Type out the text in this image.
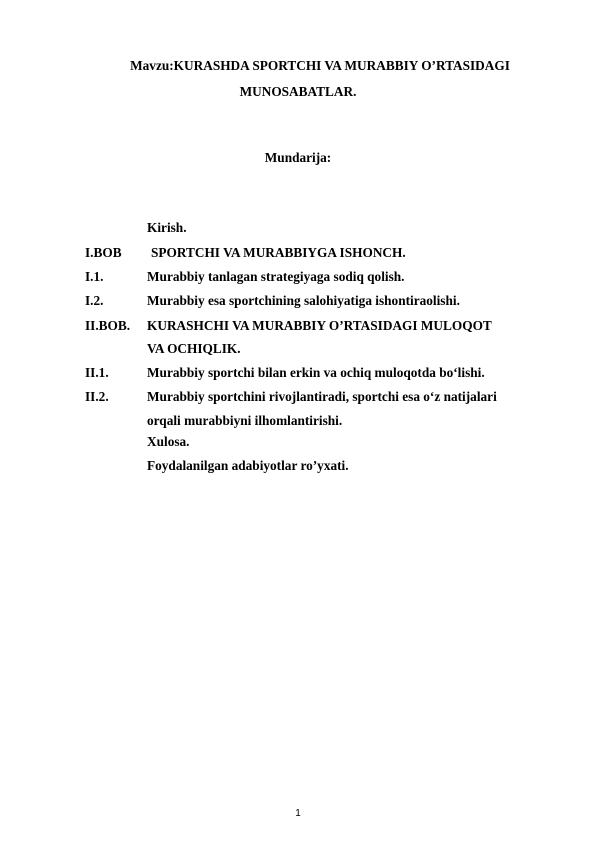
Mavzu:KURASHDA SPORTCHI VA MURABBIY O’RTASIDAGI
MUNOSABATLAR.
Mundarija:
Kirish.
I.BOB SPORTCHI VA MURABBIYGA ISHONCH.
I.1.	Murabbiy tanlagan strategiyaga sodiq qolish.
I.2.	Murabbiy esa sportchining salohiyatiga ishontiraolishi.
II.BOB. KURASHCHI VA MURABBIY O’RTASIDAGI MULOQOT
VA OCHIQLIK.
II.1.	Murabbiy sportchi bilan erkin va ochiq muloqotda bo‘lishi.
II.2.	Murabbiy sportchini rivojlantiradi, sportchi esa o‘z natijalari
orqali murabbiyni ilhomlantirishi.
Xulosa.
Foydalanilgan adabiyotlar ro’yxati.
1
